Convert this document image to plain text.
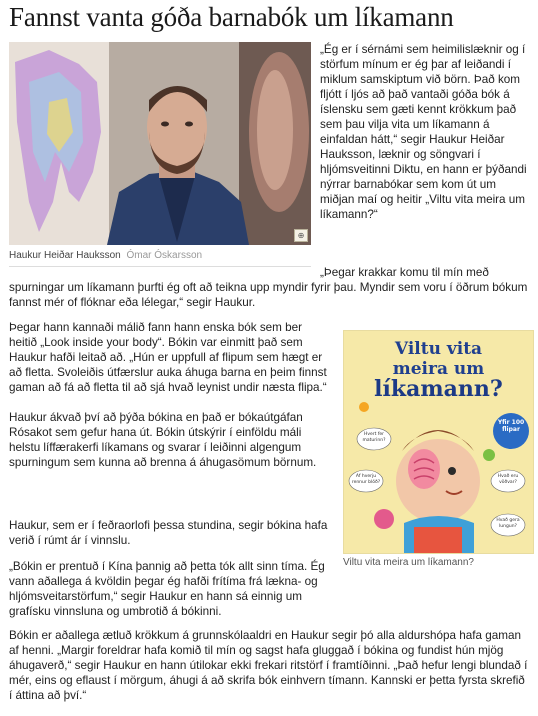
Fannst vanta góða barnabók um líkamann
⊕
Haukur Heiðar Hauksson Ómar Óskarsson

„Ég er í sérnámi sem heimilislæknir og í störfum mínum er ég þar af leiðandi í miklum samskiptum við börn. Það kom fljótt í ljós að það vantaði góða bók á íslensku sem gæti kennt krökkum það sem þau vilja vita um líkamann á einfaldan hátt,“ segir Haukur Heiðar Hauksson, læknir og söngvari í hljómsveitinni Diktu, en hann er þýðandi nýrrar barnabókar sem kom út um miðjan maí og heitir „Viltu vita meira um líkamann?“

„Þegar krakkar komu til mín með spurningar um líkamann þurfti ég oft að teikna upp myndir fyrir þau. Myndir sem voru í öðrum bókum fannst mér of flóknar eða lélegar,“ segir Haukur.

Þegar hann kannaði málið fann hann enska bók sem ber heitið „Look inside your body“. Bókin var einmitt það sem Haukur hafði leitað að. „Hún er uppfull af flipum sem hægt er að fletta. Svoleiðis útfærslur auka áhuga barna en þeim finnst gaman að fá að fletta til að sjá hvað leynist undir næsta flipa.“

Haukur ákvað því að þýða bókina en það er bókaútgáfan Rósakot sem gefur hana út. Bókin útskýrir í einföldu máli helstu líffærakerfi líkamans og svarar í leiðinni algengum spurningum sem kunna að brenna á áhugasömum börnum.

Haukur, sem er í feðraorlofi þessa stundina, segir bókina hafa verið í rúmt ár í vinnslu.

„Bókin er prentuð í Kína þannig að þetta tók allt sinn tíma. Ég vann aðallega á kvöldin þegar ég hafði frítíma frá lækna- og hljómsveitarstörfum,“ segir Haukur en hann sá einnig um grafísku vinnsluna og umbrotið á bókinni.

Bókin er aðallega ætluð krökkum á grunnskólaaldri en Haukur segir þó alla aldurshópa hafa gaman af henni. „Margir foreldrar hafa komið til mín og sagst hafa gluggað í bókina og fundist hún mjög áhugaverð,“ segir Haukur en hann útilokar ekki frekari ritstörf í framtíðinni. „Það hefur lengi blundað í mér, eins og eflaust í mörgum, áhugi á að skrifa bók einhvern tímann. Kannski er þetta fyrsta skrefið í áttina að því.“

Viltu vita
meira um
líkamann?
Yfir 100 flipar
Hvert fer maturinn?
Af hverju rennur blóð?
Hvað eru vöðvar?
Hvað gera lungun?
Viltu vita meira um líkamann?
